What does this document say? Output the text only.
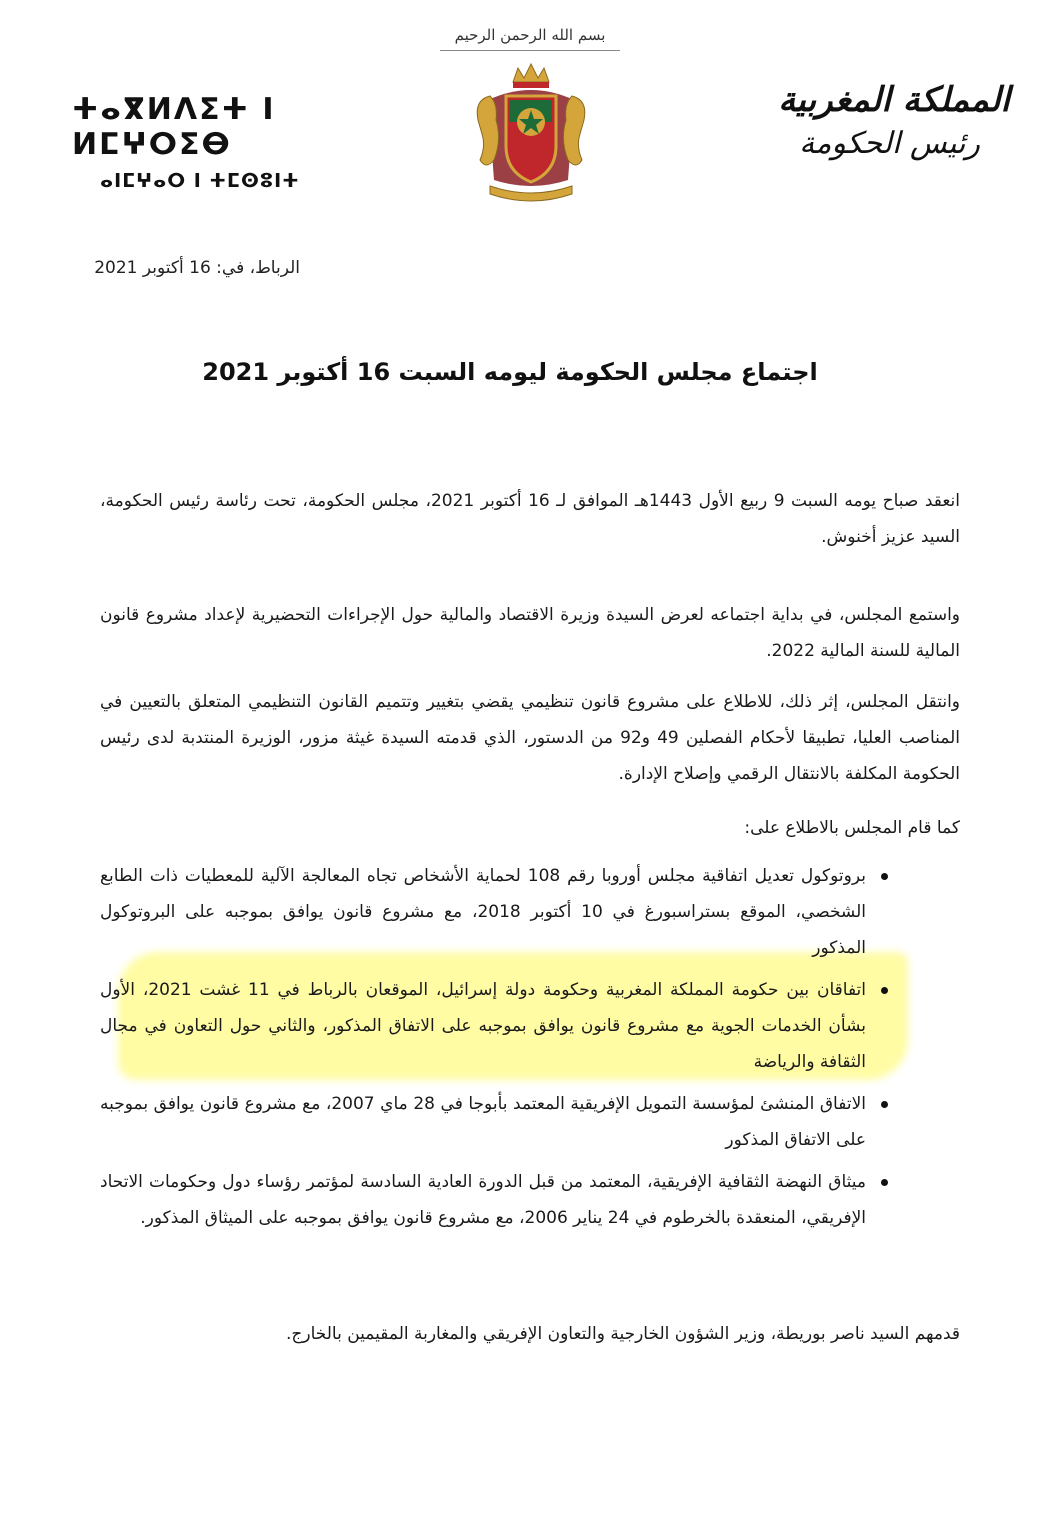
بسم الله الرحمن الرحيم
ⵜⴰⴳⵍⴷⵉⵜ ⵏ ⵍⵎⵖⵔⵉⴱ
ⴰⵏⵎⵖⴰⵔ ⵏ ⵜⵎⵙⵓⵏⵜ
المملكة المغربية
رئيس الحكومة
الرباط، في: 16 أكتوبر 2021
اجتماع مجلس الحكومة ليومه السبت 16 أكتوبر 2021

انعقد صباح يومه السبت 9 ربيع الأول 1443هـ الموافق لـ 16 أكتوبر 2021، مجلس الحكومة، تحت رئاسة رئيس الحكومة، السيد عزيز أخنوش.

واستمع المجلس، في بداية اجتماعه لعرض السيدة وزيرة الاقتصاد والمالية حول الإجراءات التحضيرية لإعداد مشروع قانون المالية للسنة المالية 2022.

وانتقل المجلس، إثر ذلك، للاطلاع على مشروع قانون تنظيمي يقضي بتغيير وتتميم القانون التنظيمي المتعلق بالتعيين في المناصب العليا، تطبيقا لأحكام الفصلين 49 و92 من الدستور، الذي قدمته السيدة غيثة مزور، الوزيرة المنتدبة لدى رئيس الحكومة المكلفة بالانتقال الرقمي وإصلاح الإدارة.

كما قام المجلس بالاطلاع على:

بروتوكول تعديل اتفاقية مجلس أوروبا رقم 108 لحماية الأشخاص تجاه المعالجة الآلية للمعطيات ذات الطابع الشخصي، الموقع بستراسبورغ في 10 أكتوبر 2018، مع مشروع قانون يوافق بموجبه على البروتوكول المذكور
اتفاقان بين حكومة المملكة المغربية وحكومة دولة إسرائيل، الموقعان بالرباط في 11 غشت 2021، الأول بشأن الخدمات الجوية مع مشروع قانون يوافق بموجبه على الاتفاق المذكور، والثاني حول التعاون في مجال الثقافة والرياضة
الاتفاق المنشئ لمؤسسة التمويل الإفريقية المعتمد بأبوجا في 28 ماي 2007، مع مشروع قانون يوافق بموجبه على الاتفاق المذكور
ميثاق النهضة الثقافية الإفريقية، المعتمد من قبل الدورة العادية السادسة لمؤتمر رؤساء دول وحكومات الاتحاد الإفريقي، المنعقدة بالخرطوم في 24 يناير 2006، مع مشروع قانون يوافق بموجبه على الميثاق المذكور.

قدمهم السيد ناصر بوريطة، وزير الشؤون الخارجية والتعاون الإفريقي والمغاربة المقيمين بالخارج.
